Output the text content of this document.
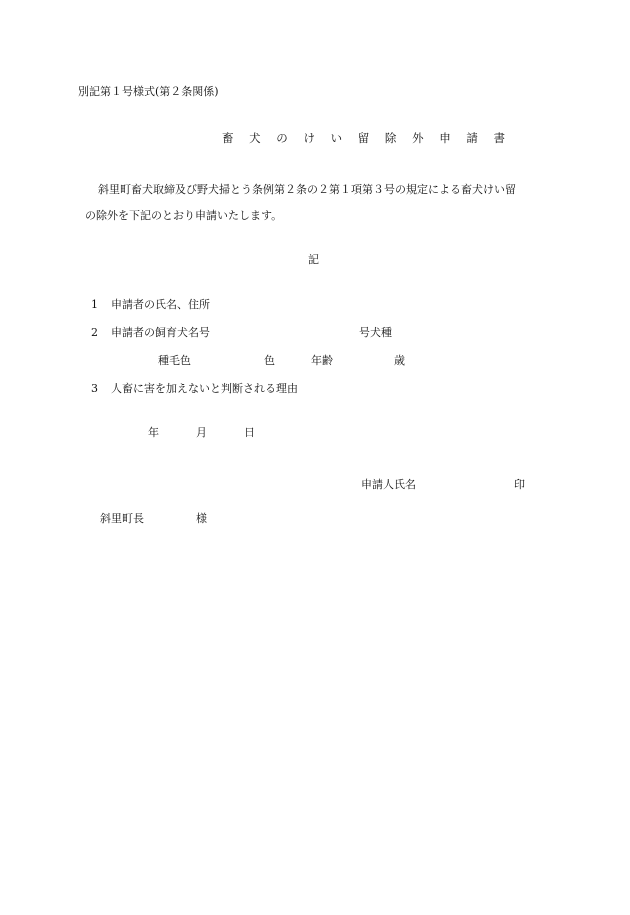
別記第１号様式(第２条関係)
畜 犬 の け い 留 除 外 申 請 書
斜里町畜犬取締及び野犬掃とう条例第２条の２第１項第３号の規定による畜犬けい留
の除外を下記のとおり申請いたします。
記
1 申請者の氏名、住所
2 申請者の飼育犬名号	号犬種
種毛色	色	年齢	歳
3 人畜に害を加えないと判断される理由
年	月	日
申請人氏名	印
斜里町長	様
